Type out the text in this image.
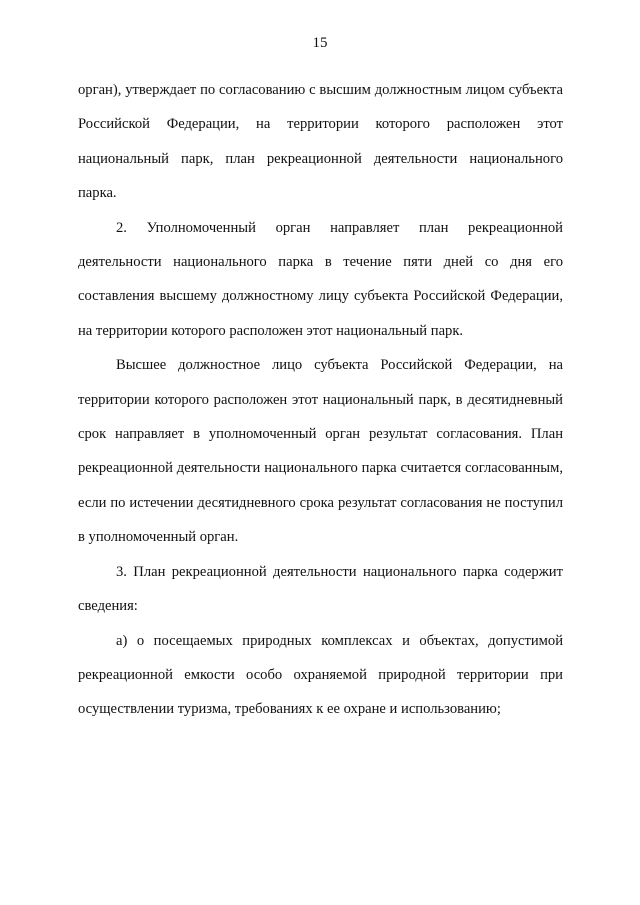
15

орган), утверждает по согласованию с высшим должностным лицом субъекта Российской Федерации, на территории которого расположен этот национальный парк, план рекреационной деятельности национального парка.

2. Уполномоченный орган направляет план рекреационной деятельности национального парка в течение пяти дней со дня его составления высшему должностному лицу субъекта Российской Федерации, на территории которого расположен этот национальный парк.

Высшее должностное лицо субъекта Российской Федерации, на территории которого расположен этот национальный парк, в десятидневный срок направляет в уполномоченный орган результат согласования. План рекреационной деятельности национального парка считается согласованным, если по истечении десятидневного срока результат согласования не поступил в уполномоченный орган.

3. План рекреационной деятельности национального парка содержит сведения:

а) о посещаемых природных комплексах и объектах, допустимой рекреационной емкости особо охраняемой природной территории при осуществлении туризма, требованиях к ее охране и использованию;
